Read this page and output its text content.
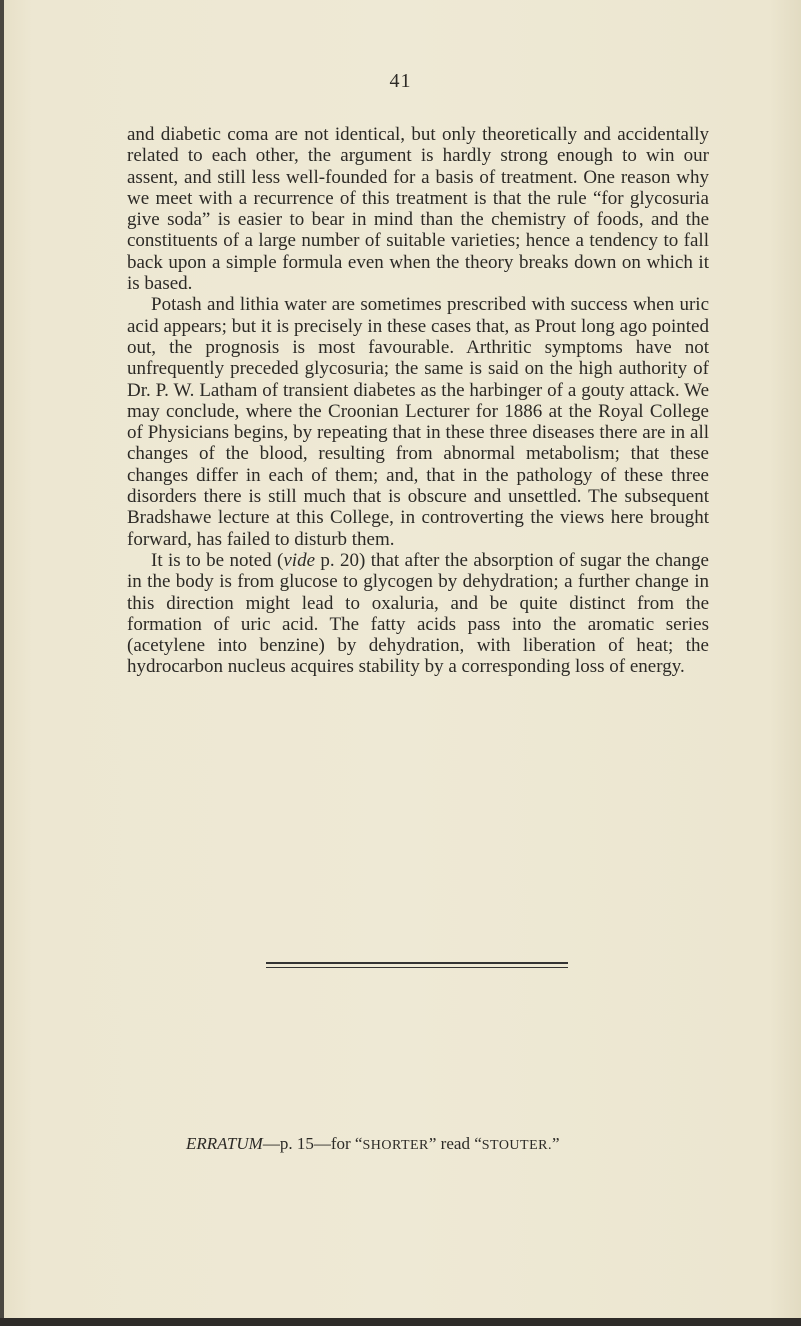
41

and diabetic coma are not identical, but only theoretically and accidentally related to each other, the argument is hardly strong enough to win our assent, and still less well-founded for a basis of treatment. One reason why we meet with a recurrence of this treatment is that the rule “for glycosuria give soda” is easier to bear in mind than the chemistry of foods, and the constituents of a large number of suitable varieties; hence a tendency to fall back upon a simple formula even when the theory breaks down on which it is based.

Potash and lithia water are sometimes prescribed with success when uric acid appears; but it is precisely in these cases that, as Prout long ago pointed out, the prognosis is most favourable. Arthritic symptoms have not unfrequently preceded glycosuria; the same is said on the high authority of Dr. P. W. Latham of transient diabetes as the harbinger of a gouty attack. We may conclude, where the Croonian Lecturer for 1886 at the Royal College of Physicians begins, by repeating that in these three diseases there are in all changes of the blood, resulting from abnormal metabolism; that these changes differ in each of them; and, that in the pathology of these three disorders there is still much that is obscure and unsettled. The subsequent Bradshawe lecture at this College, in controverting the views here brought forward, has failed to disturb them.

It is to be noted (vide p. 20) that after the absorption of sugar the change in the body is from glucose to glycogen by dehydration; a further change in this direction might lead to oxaluria, and be quite distinct from the formation of uric acid. The fatty acids pass into the aromatic series (acetylene into benzine) by dehydration, with liberation of heat; the hydrocarbon nucleus acquires stability by a corresponding loss of energy.

ERRATUM—p. 15—for “SHORTER” read “STOUTER.”
